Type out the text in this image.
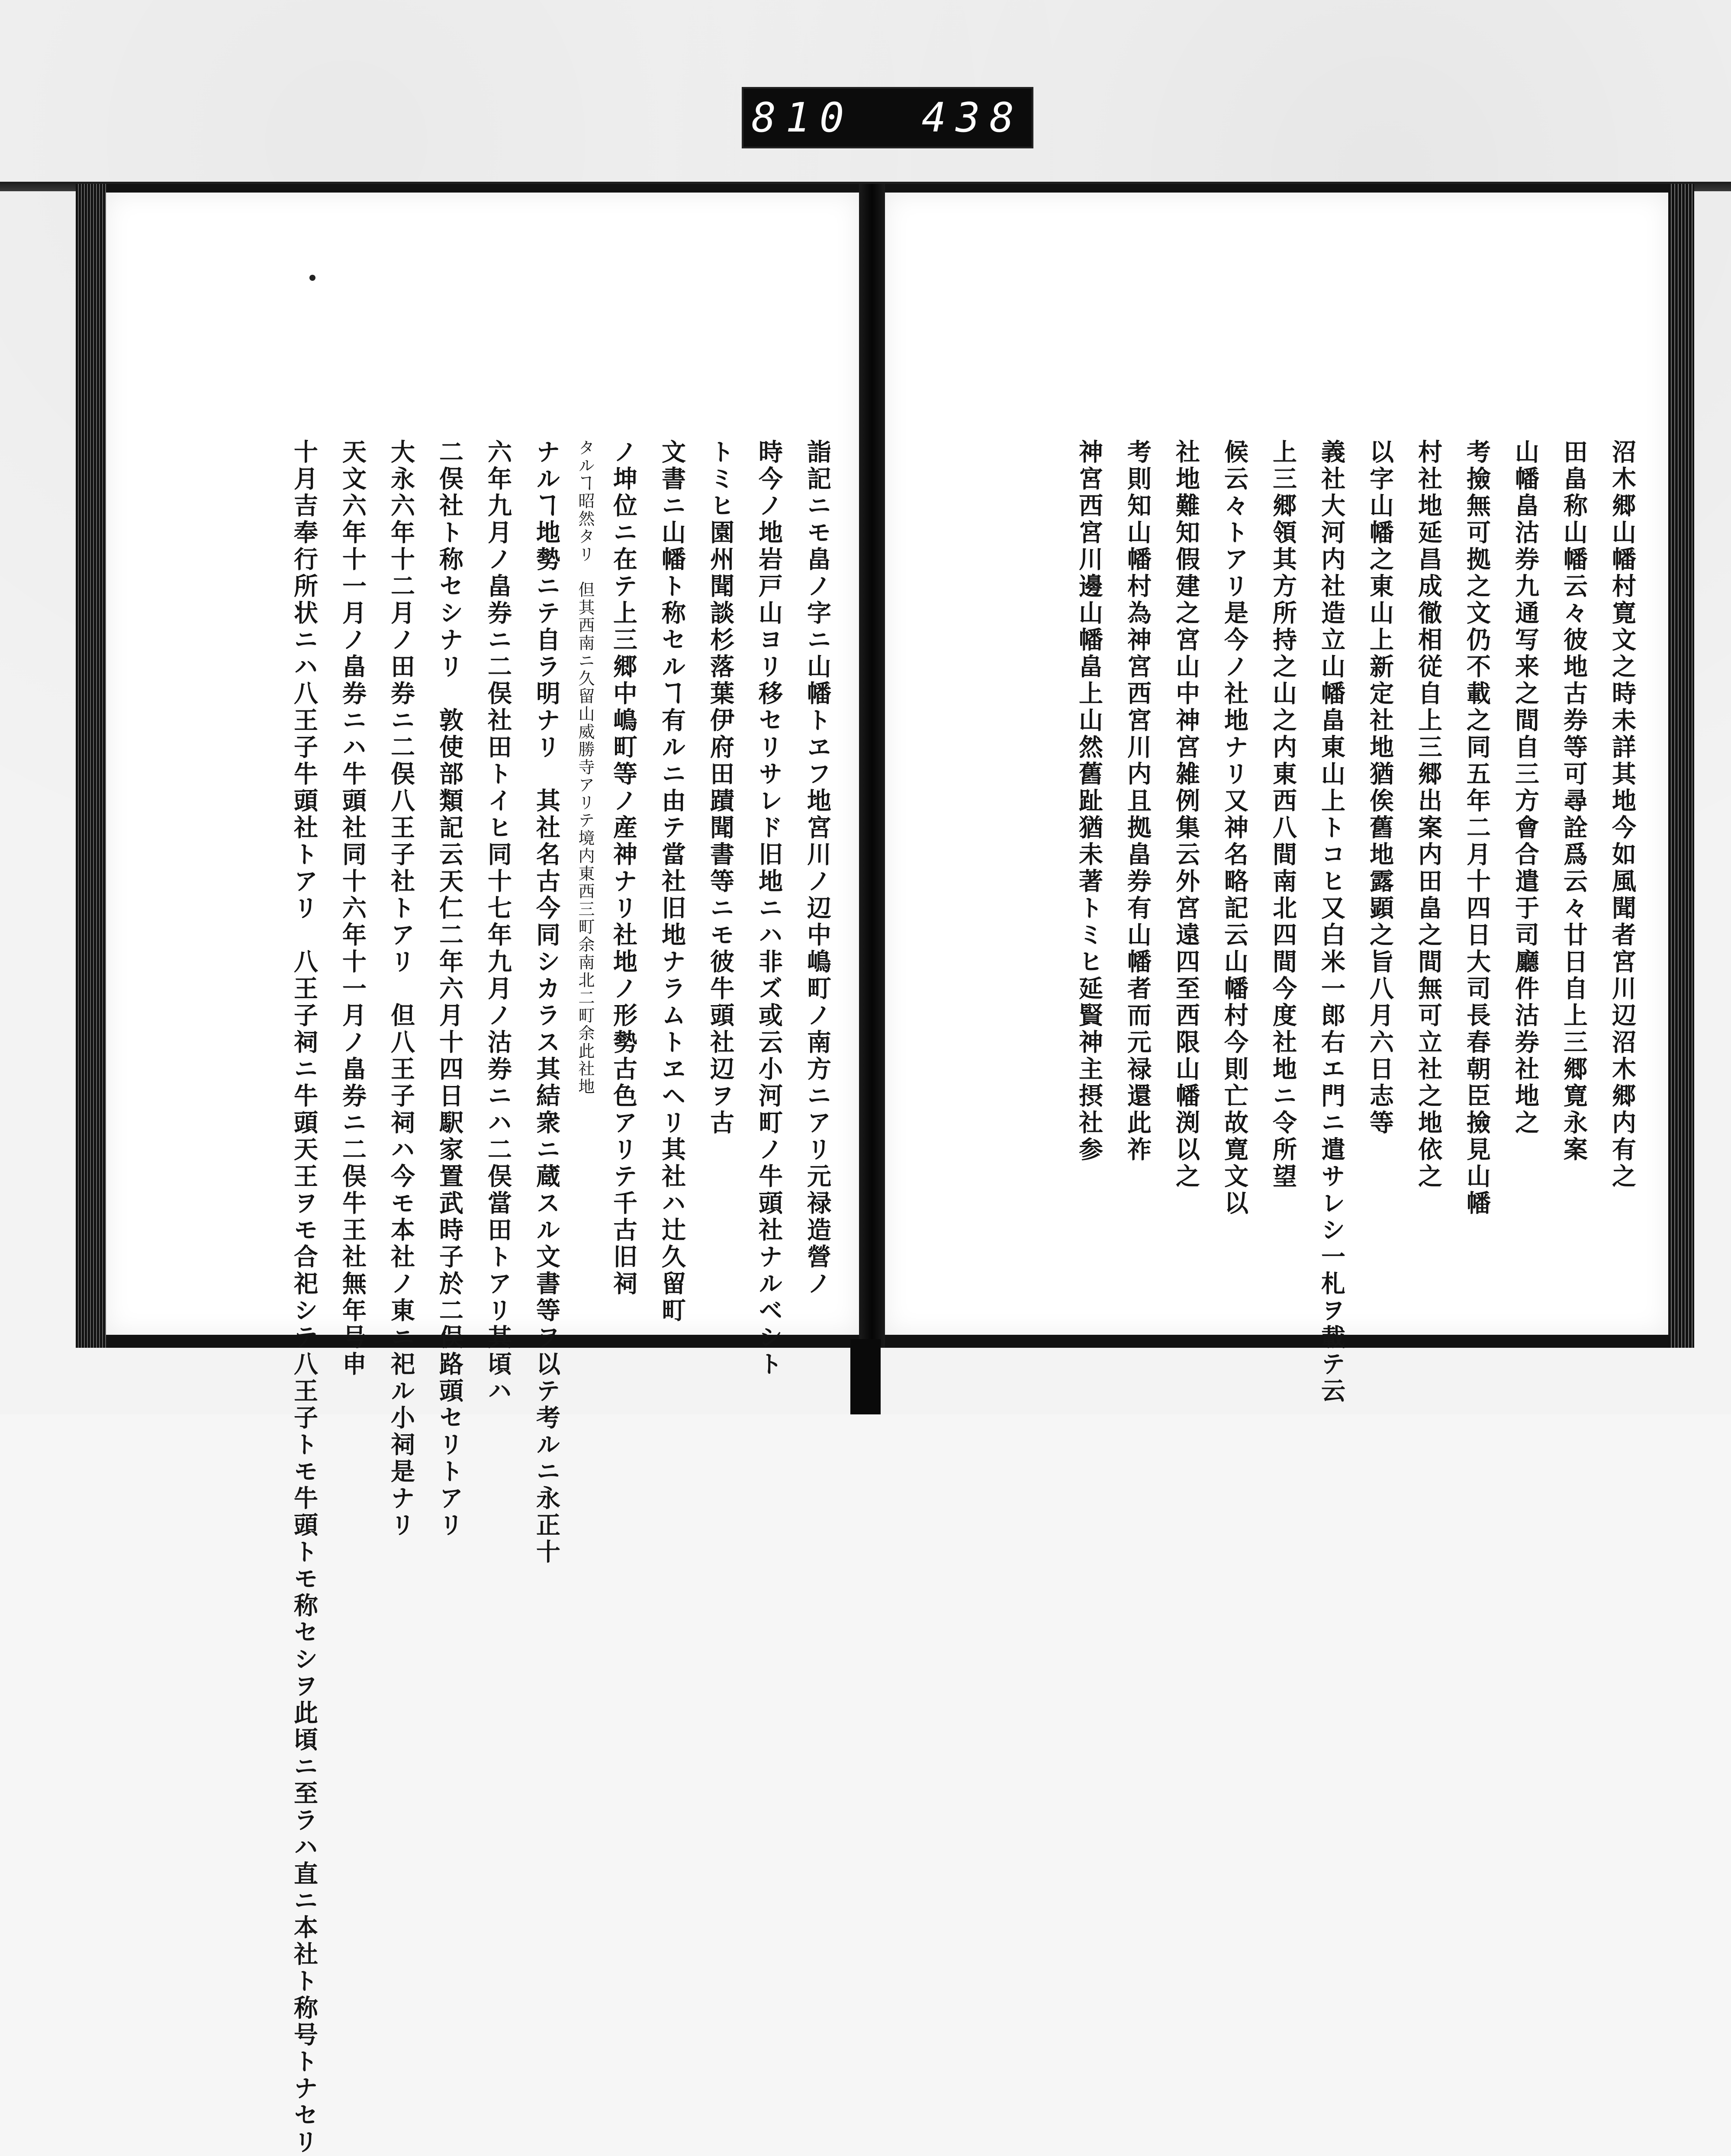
810  438
詣記ニモ畠ノ字ニ山幡トヱフ地宮川ノ辺中嶋町ノ南方ニアリ元禄造營ノ
時今ノ地岩戸山ヨリ移セリサレド旧地ニハ非ズ或云小河町ノ牛頭社ナルベシト
トミヒ園州聞談杉落葉伊府田蹟聞書等ニモ彼牛頭社辺ヲ古
文書ニ山幡ト称セルヿ有ルニ由テ當社旧地ナラムトヱヘリ其社ハ辻久留町
ノ坤位ニ在テ上三郷中嶋町等ノ産神ナリ社地ノ形勢古色アリテ千古旧祠
タルヿ昭然タリ　但其西南ニ久留山威勝寺アリテ境内東西三町余南北二町余此社地
ナルヿ地勢ニテ自ラ明ナリ　其社名古今同シカラス其結衆ニ蔵スル文書等ヲ以テ考ルニ永正十
六年九月ノ畠券ニ二俣社田トイヒ同十七年九月ノ沽券ニハ二俣當田トアリ其頃ハ
二俣社ト称セシナリ　敦使部類記云天仁二年六月十四日駅家置武時子於二俣路頭セリトアリ
大永六年十二月ノ田券ニ二俣八王子社トアリ　但八王子祠ハ今モ本社ノ東ニ祀ル小祠是ナリ
天文六年十一月ノ畠券ニハ牛頭社同十六年十一月ノ畠券ニ二俣牛王社無年号申
十月吉奉行所状ニハ八王子牛頭社トアリ　八王子祠ニ牛頭天王ヲモ合祀シテ八王子トモ牛頭トモ称セシヲ此頃ニ至ラハ直ニ本社ト称号トナセリ	沼木郷山幡村寛文之時未詳其地今如風聞者宮川辺沼木郷内有之
田畠称山幡云々彼地古券等可尋詮爲云々廿日自上三郷寛永案
山幡畠沽券九通写来之間自三方會合遣于司廳件沽券社地之
考撿無可拠之文仍不載之同五年二月十四日大司長春朝臣撿見山幡
村社地延昌成徹相従自上三郷出案内田畠之間無可立社之地依之
以字山幡之東山上新定社地猶俟舊地露顕之旨八月六日志等
義社大河内社造立山幡畠東山上トコヒ又白米一郎右エ門ニ遣サレシ一札ヲ載テ云
上三郷領其方所持之山之内東西八間南北四間今度社地ニ令所望
候云々トアリ是今ノ社地ナリ又神名略記云山幡村今則亡故寛文以
社地難知假建之宮山中神宮雑例集云外宮遠四至西限山幡渕以之
考則知山幡村為神宮西宮川内且拠畠券有山幡者而元禄還此祚
神宮西宮川邊山幡畠上山然舊趾猶未著トミヒ延賢神主摂社参
